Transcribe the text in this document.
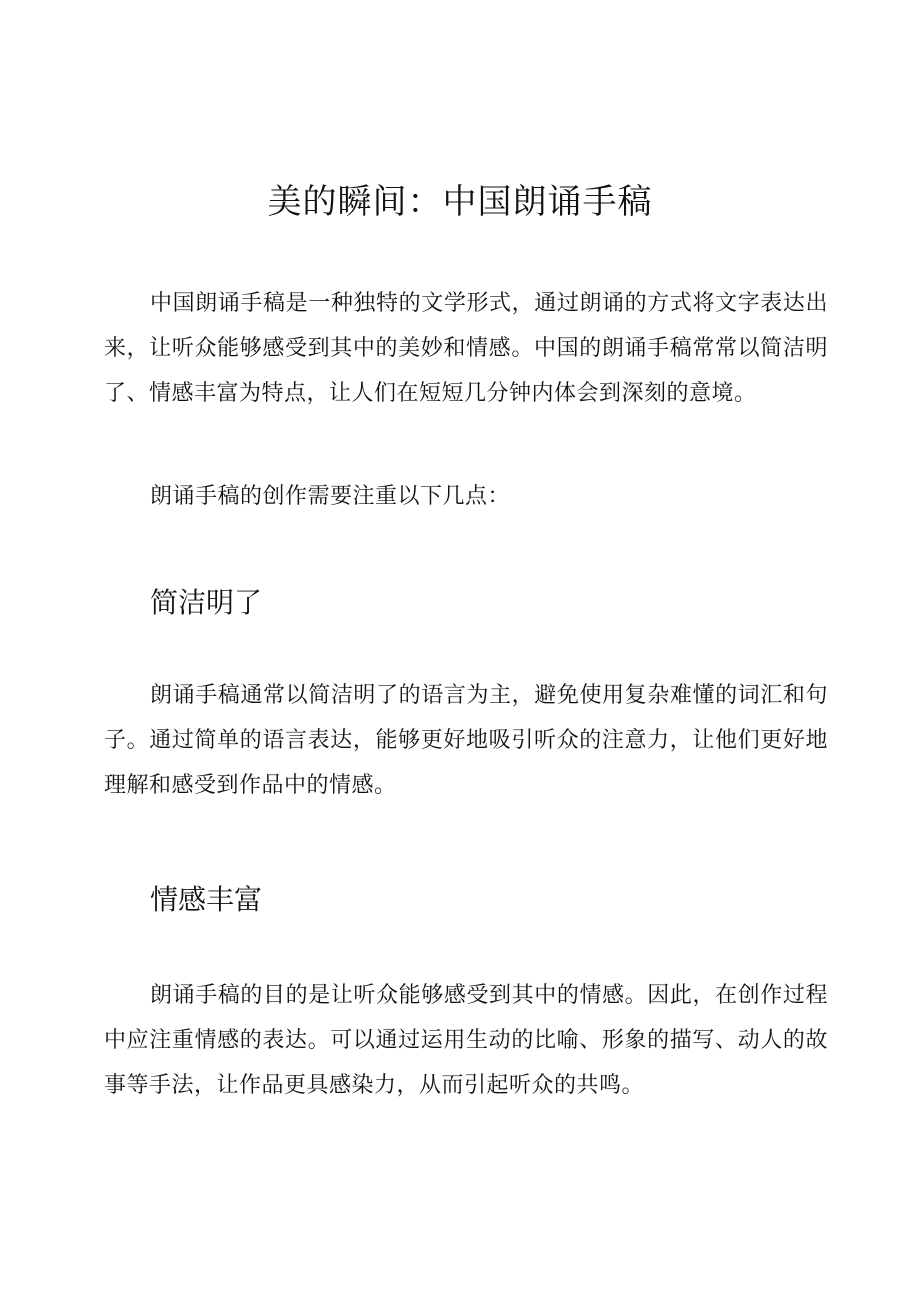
美的瞬间：中国朗诵手稿

中国朗诵手稿是一种独特的文学形式，通过朗诵的方式将文字表达出来，让听众能够感受到其中的美妙和情感。中国的朗诵手稿常常以简洁明了、情感丰富为特点，让人们在短短几分钟内体会到深刻的意境。

朗诵手稿的创作需要注重以下几点：

简洁明了

朗诵手稿通常以简洁明了的语言为主，避免使用复杂难懂的词汇和句子。通过简单的语言表达，能够更好地吸引听众的注意力，让他们更好地理解和感受到作品中的情感。

情感丰富

朗诵手稿的目的是让听众能够感受到其中的情感。因此，在创作过程中应注重情感的表达。可以通过运用生动的比喻、形象的描写、动人的故事等手法，让作品更具感染力，从而引起听众的共鸣。
